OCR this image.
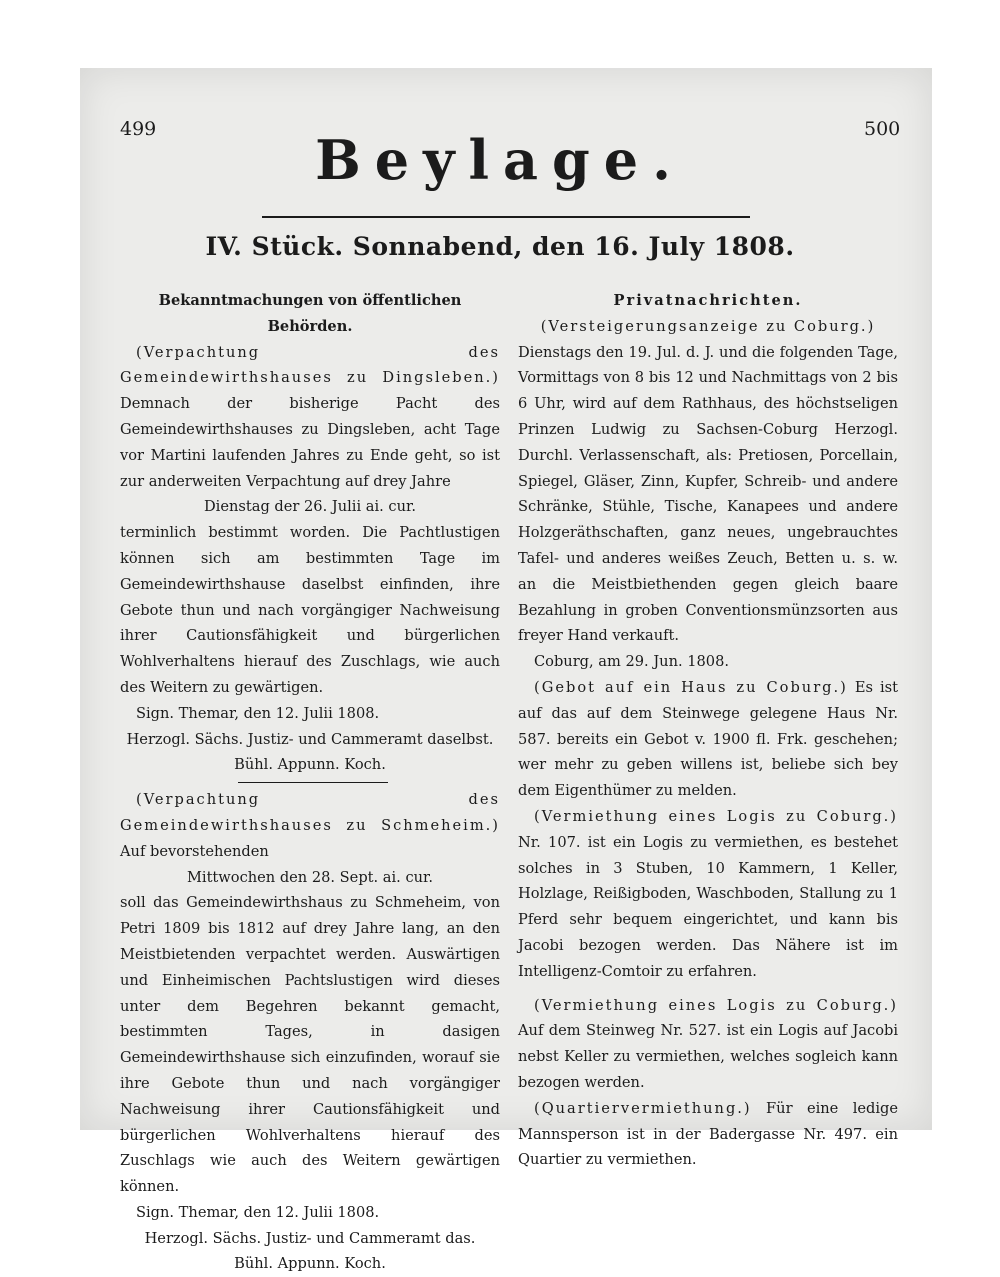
499	500
Beylage.
IV. Stück. Sonnabend, den 16. July 1808.

Bekanntmachungen von öffentlichen Behörden.

(Verpachtung des Gemeindewirthshauses zu Dingsleben.) Demnach der bisherige Pacht des Gemeindewirthshauses zu Dingsleben, acht Tage vor Martini laufenden Jahres zu Ende geht, so ist zur anderweiten Verpachtung auf drey Jahre

Dienstag der 26. Julii ai. cur.

terminlich bestimmt worden. Die Pachtlustigen können sich am bestimmten Tage im Gemeindewirthshause daselbst einfinden, ihre Gebote thun und nach vorgängiger Nachweisung ihrer Cautionsfähigkeit und bürgerlichen Wohlverhaltens hierauf des Zuschlags, wie auch des Weitern zu gewärtigen.

Sign. Themar, den 12. Julii 1808.

Herzogl. Sächs. Justiz- und Cammeramt daselbst.

Bühl. Appunn. Koch.

(Verpachtung des Gemeindewirthshauses zu Schmeheim.) Auf bevorstehenden

Mittwochen den 28. Sept. ai. cur.

soll das Gemeindewirthshaus zu Schmeheim, von Petri 1809 bis 1812 auf drey Jahre lang, an den Meistbietenden verpachtet werden. Auswärtigen und Einheimischen Pachtslustigen wird dieses unter dem Begehren bekannt gemacht, bestimmten Tages, in dasigen Gemeindewirthshause sich einzufinden, worauf sie ihre Gebote thun und nach vorgängiger Nachweisung ihrer Cautionsfähigkeit und bürgerlichen Wohlverhaltens hierauf des Zuschlags wie auch des Weitern gewärtigen können.

Sign. Themar, den 12. Julii 1808.

Herzogl. Sächs. Justiz- und Cammeramt das.

Bühl. Appunn. Koch.

Privatnachrichten.

(Versteigerungsanzeige zu Coburg.)

Dienstags den 19. Jul. d. J. und die folgenden Tage, Vormittags von 8 bis 12 und Nachmittags von 2 bis 6 Uhr, wird auf dem Rathhaus, des höchstseligen Prinzen Ludwig zu Sachsen-Coburg Herzogl. Durchl. Verlassenschaft, als: Pretiosen, Porcellain, Spiegel, Gläser, Zinn, Kupfer, Schreib- und andere Schränke, Stühle, Tische, Kanapees und andere Holzgeräthschaften, ganz neues, ungebrauchtes Tafel- und anderes weißes Zeuch, Betten u. s. w. an die Meistbiethenden gegen gleich baare Bezahlung in groben Conventionsmünzsorten aus freyer Hand verkauft.

Coburg, am 29. Jun. 1808.

(Gebot auf ein Haus zu Coburg.) Es ist auf das auf dem Steinwege gelegene Haus Nr. 587. bereits ein Gebot v. 1900 fl. Frk. geschehen; wer mehr zu geben willens ist, beliebe sich bey dem Eigenthümer zu melden.

(Vermiethung eines Logis zu Coburg.) Nr. 107. ist ein Logis zu vermiethen, es bestehet solches in 3 Stuben, 10 Kammern, 1 Keller, Holzlage, Reißigboden, Waschboden, Stallung zu 1 Pferd sehr bequem eingerichtet, und kann bis Jacobi bezogen werden. Das Nähere ist im Intelligenz-Comtoir zu erfahren.

(Vermiethung eines Logis zu Coburg.) Auf dem Steinweg Nr. 527. ist ein Logis auf Jacobi nebst Keller zu vermiethen, welches sogleich kann bezogen werden.

(Quartiervermiethung.) Für eine ledige Mannsperson ist in der Badergasse Nr. 497. ein Quartier zu vermiethen.
